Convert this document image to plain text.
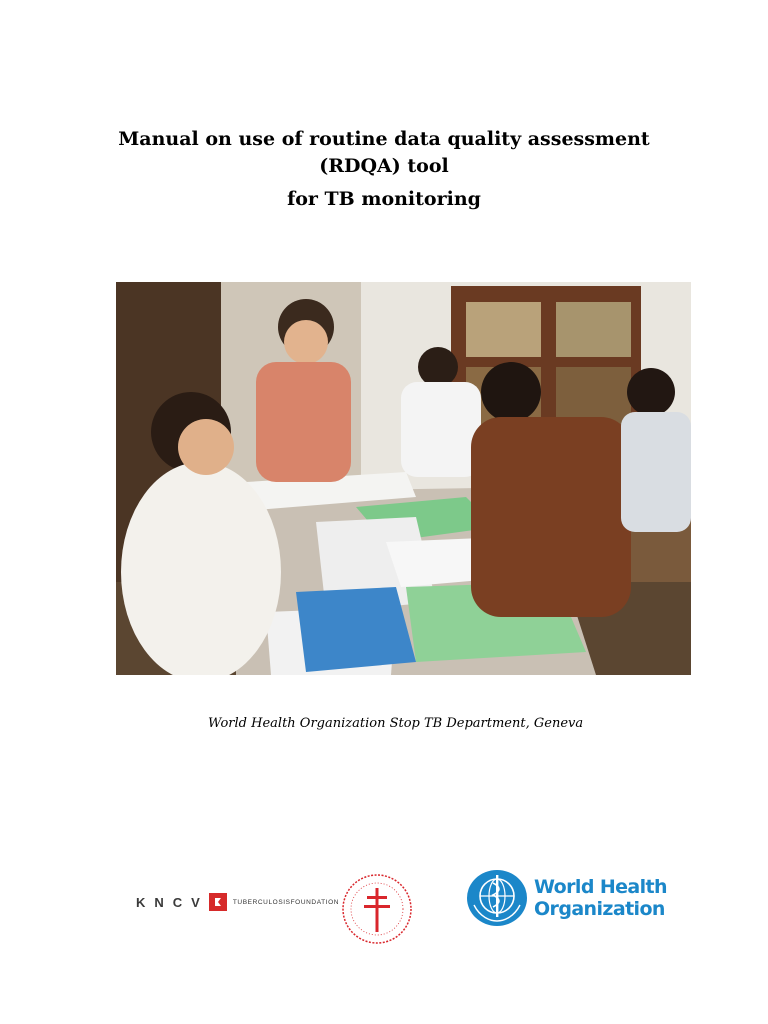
Manual on use of routine data quality assessment
(RDQA) tool
for TB monitoring
World Health Organization Stop TB Department, Geneva
KNCV	TUBERCULOSISFOUNDATION
World Health
Organization
